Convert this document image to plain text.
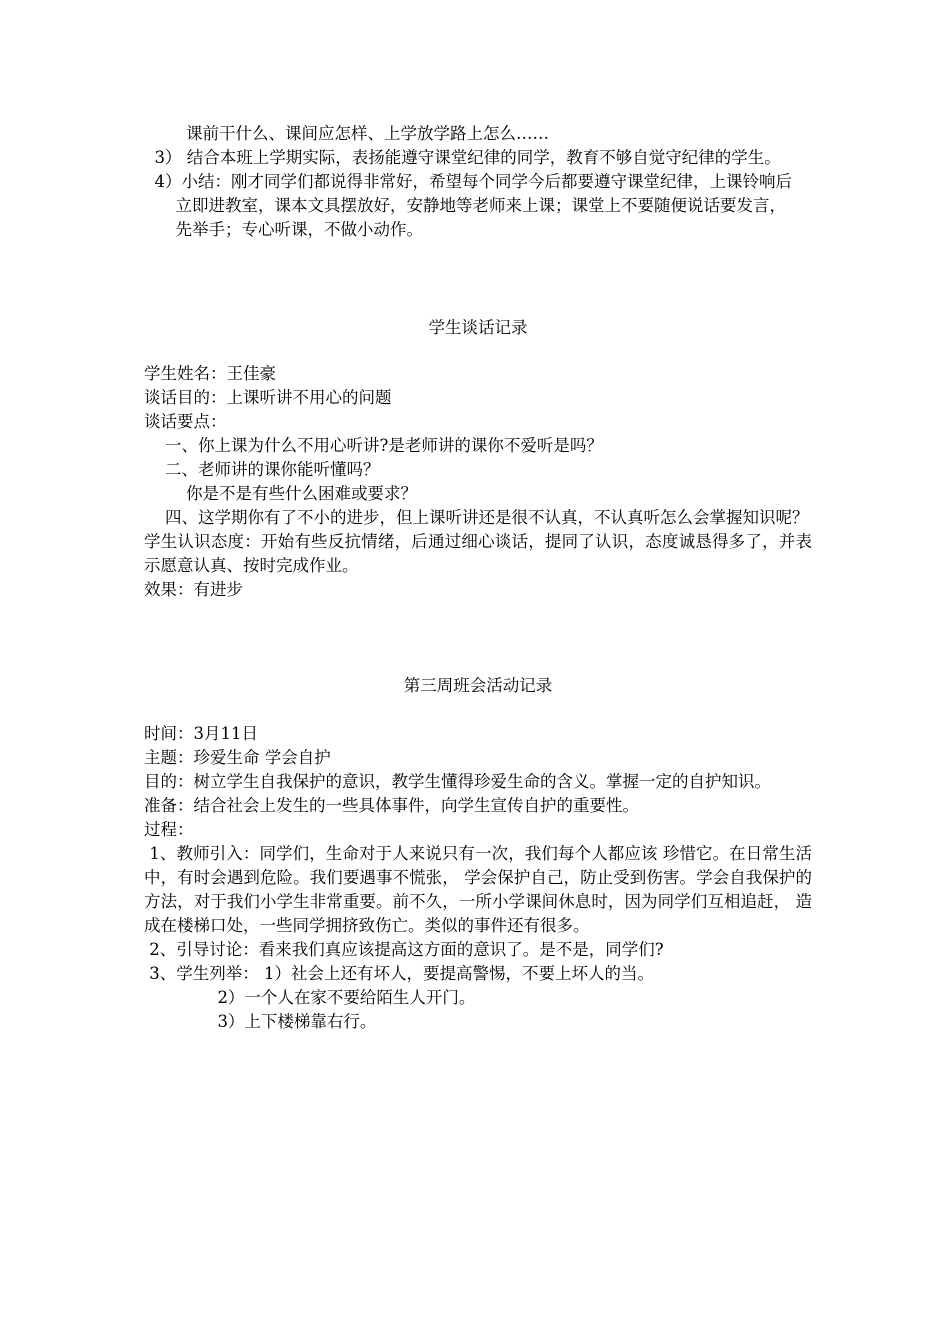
课前干什么、课间应怎样、上学放学路上怎么……

3） 结合本班上学期实际，表扬能遵守课堂纪律的同学，教育不够自觉守纪律的学生。

4）小结：刚才同学们都说得非常好，希望每个同学今后都要遵守课堂纪律，上课铃响后

立即进教室，课本文具摆放好，安静地等老师来上课；课堂上不要随便说话要发言，

先举手；专心听课，不做小动作。

学生谈话记录

学生姓名：王佳豪

谈话目的：上课听讲不用心的问题

谈话要点：

一、你上课为什么不用心听讲?是老师讲的课你不爱听是吗？

二、老师讲的课你能听懂吗？

你是不是有些什么困难或要求？

四、这学期你有了不小的进步，但上课听讲还是很不认真，不认真听怎么会掌握知识呢？

学生认识态度：开始有些反抗情绪，后通过细心谈话，提同了认识，态度诚恳得多了，并表示愿意认真、按时完成作业。

效果：有进步

第三周班会活动记录

时间：3月11日

主题：珍爱生命 学会自护

目的：树立学生自我保护的意识，教学生懂得珍爱生命的含义。掌握一定的自护知识。

准备：结合社会上发生的一些具体事件，向学生宣传自护的重要性。

过程：

1、教师引入：同学们，生命对于人来说只有一次，我们每个人都应该 珍惜它。在日常生活中，有时会遇到危险。我们要遇事不慌张， 学会保护自己，防止受到伤害。学会自我保护的方法，对于我们小学生非常重要。前不久，一所小学课间休息时，因为同学们互相追赶， 造成在楼梯口处，一些同学拥挤致伤亡。类似的事件还有很多。

2、引导讨论：看来我们真应该提高这方面的意识了。是不是，同学们?

3、学生列举： 1）社会上还有坏人，要提高警惕，不要上坏人的当。

2）一个人在家不要给陌生人开门。

3）上下楼梯靠右行。
